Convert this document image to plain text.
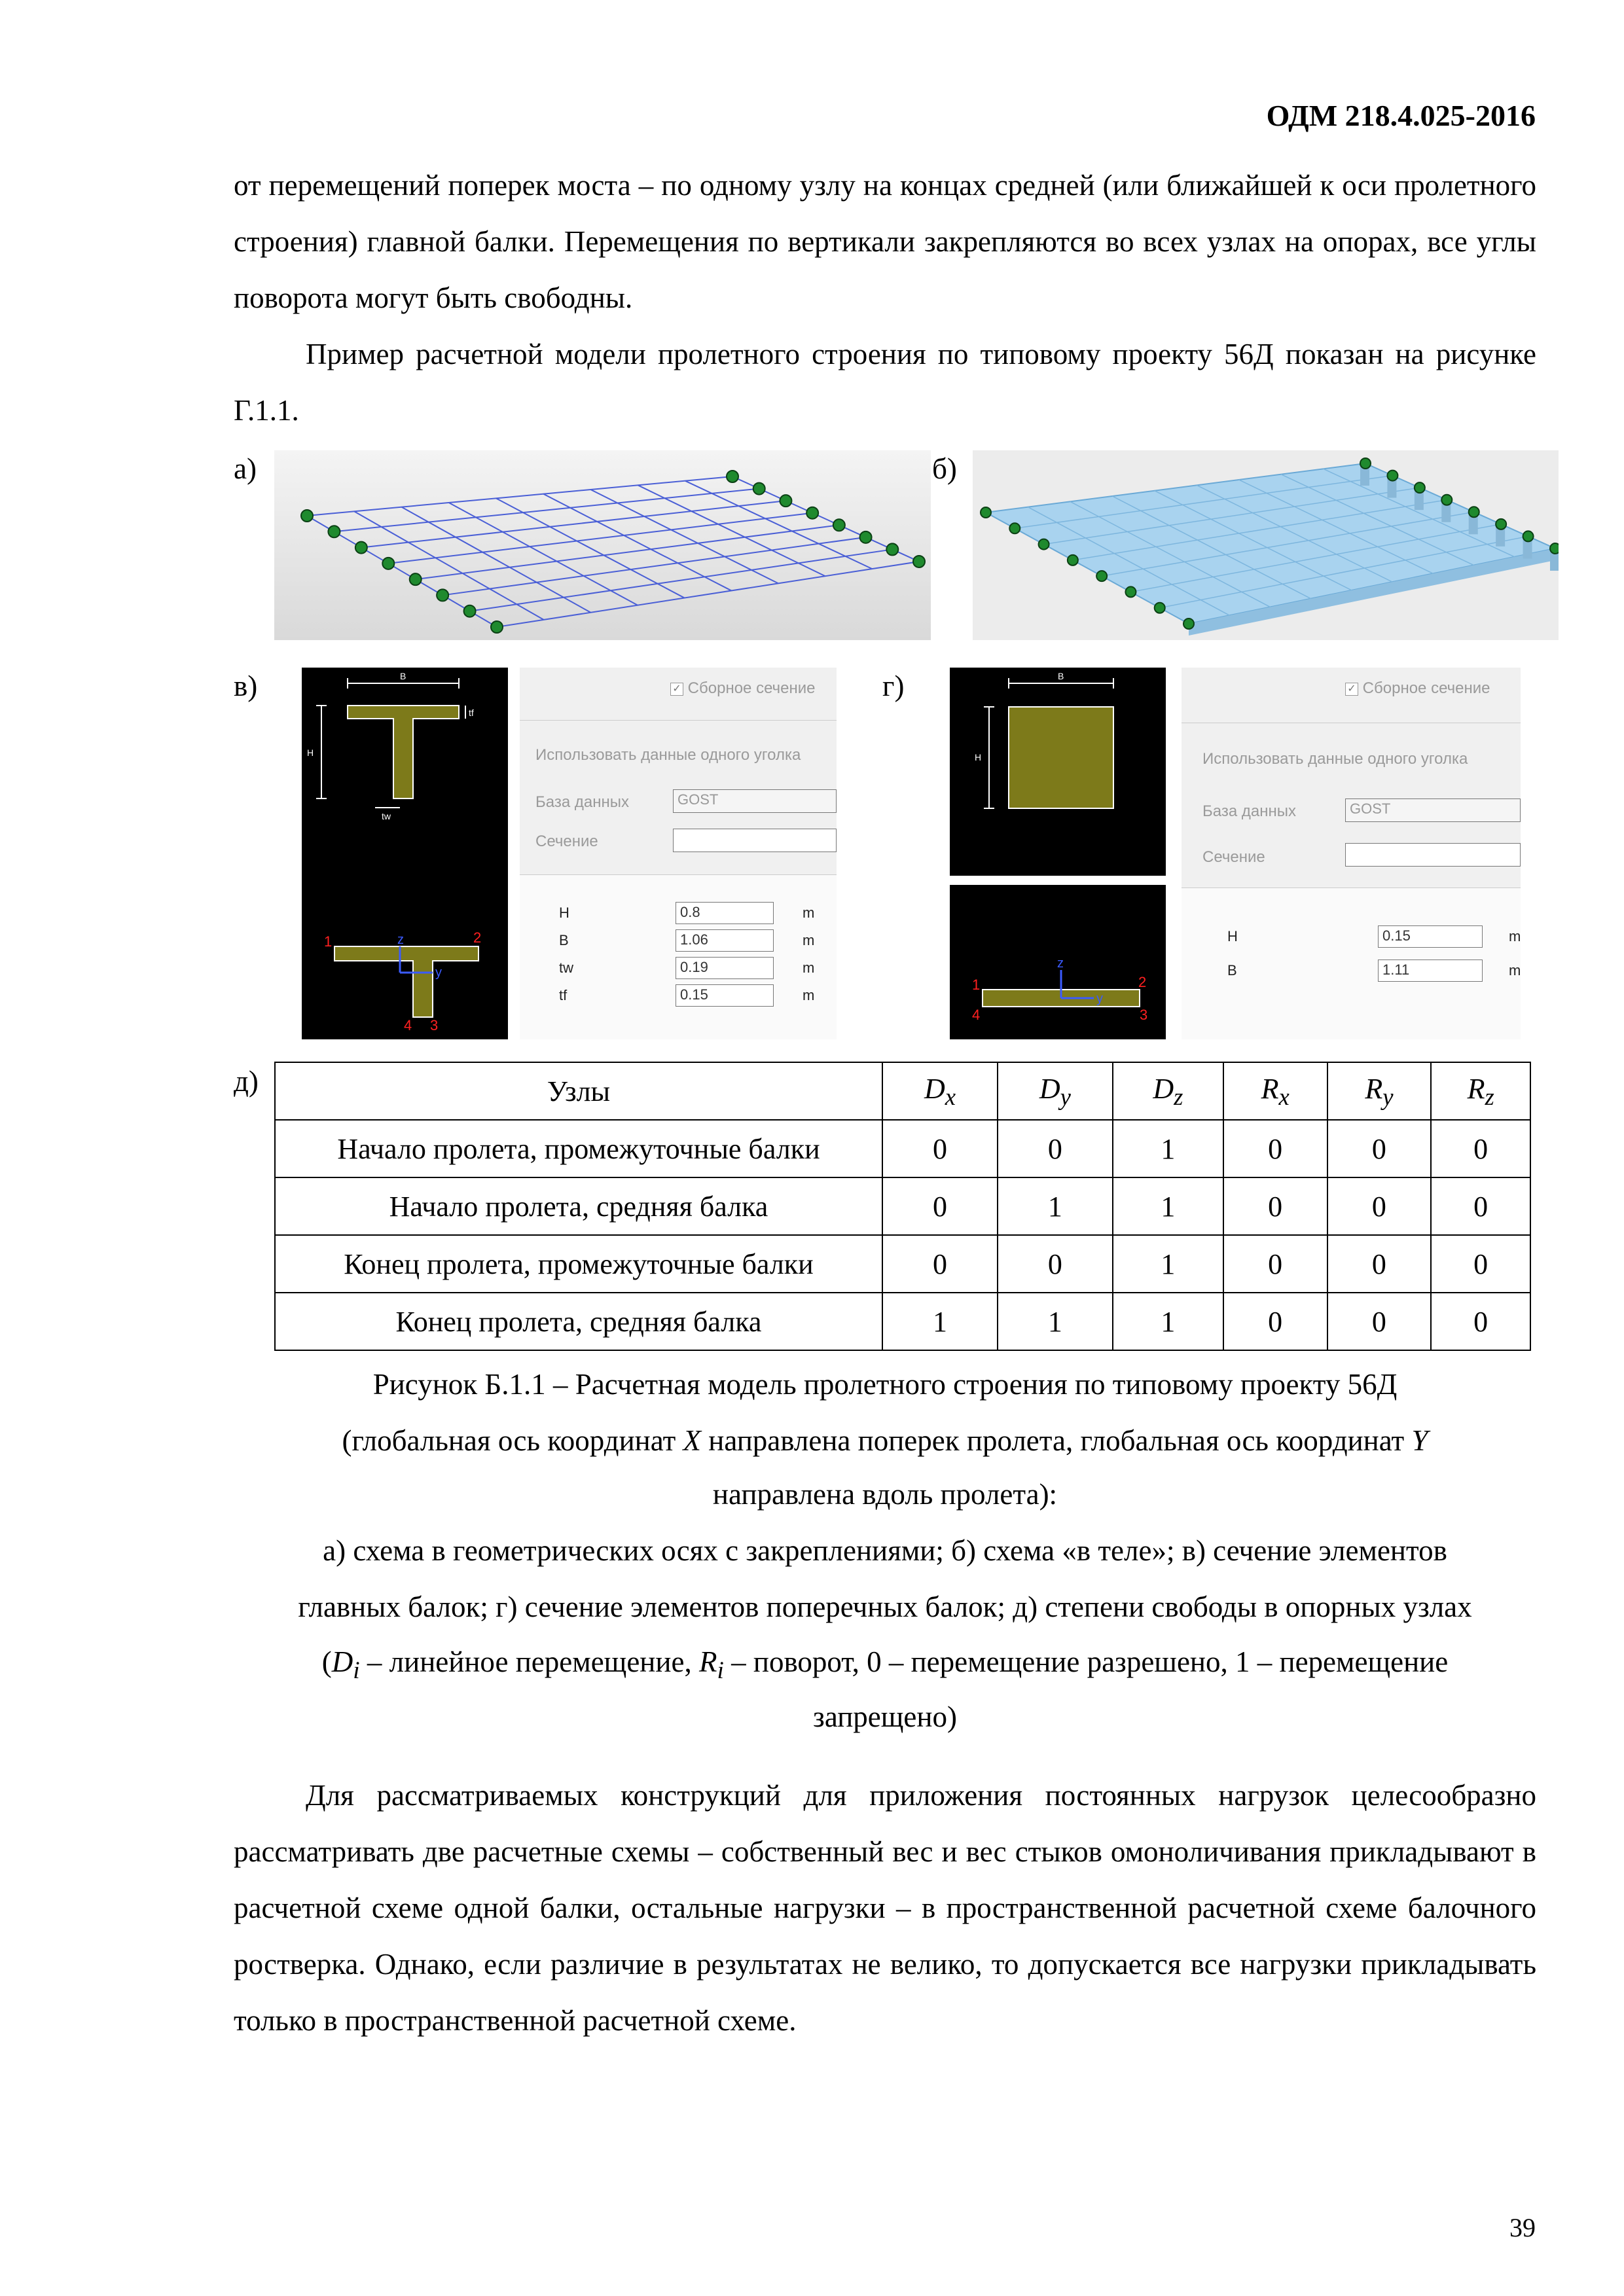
ОДМ 218.4.025-2016
от перемещений поперек моста – по одному узлу на концах средней (или ближайшей к оси пролетного строения) главной балки. Перемещения по вертикали закрепляются во всех узлах на опорах, все углы поворота могут быть свободны.
Пример расчетной модели пролетного строения по типовому проекту 56Д показан на рисунке Г.1.1.
а)	б)
в)	B
H
tf
tw
z
y
1	2
4 3
✓ Сборное сечение
Использовать данные одного уголка
База данных	GOST
Сечение
H	0.8	m
B	1.06	m
tw	0.19	m
tf	0.15	m
г)	B
H
z
y
1	2
4	3
✓ Сборное сечение
Использовать данные одного уголка
База данных	GOST
Сечение
H	0.15	m
B	1.11	m
д)	Узлы	$D_x$	$D_y$	$D_z$	$R_x$	$R_y$	$R_z$
Начало пролета, промежуточные балки	0	0	1	0	0	0
Начало пролета, средняя балка	0	1	1	0	0	0
Конец пролета, промежуточные балки	0	0	1	0	0	0
Конец пролета, средняя балка	1	1	1	0	0	0
Рисунок Б.1.1 – Расчетная модель пролетного строения по типовому проекту 56Д
(глобальная ось координат X направлена поперек пролета, глобальная ось координат Y
направлена вдоль пролета):
а) схема в геометрических осях с закреплениями; б) схема «в теле»; в) сечение элементов
главных балок; г) сечение элементов поперечных балок; д) степени свободы в опорных узлах
($D_i$ – линейное перемещение, $R_i$ – поворот, 0 – перемещение разрешено, 1 – перемещение
запрещено)
Для рассматриваемых конструкций для приложения постоянных нагрузок целесообразно рассматривать две расчетные схемы – собственный вес и вес стыков омоноличивания прикладывают в расчетной схеме одной балки, остальные нагрузки – в пространственной расчетной схеме балочного ростверка. Однако, если различие в результатах не велико, то допускается все нагрузки прикладывать только в пространственной расчетной схеме.
39
